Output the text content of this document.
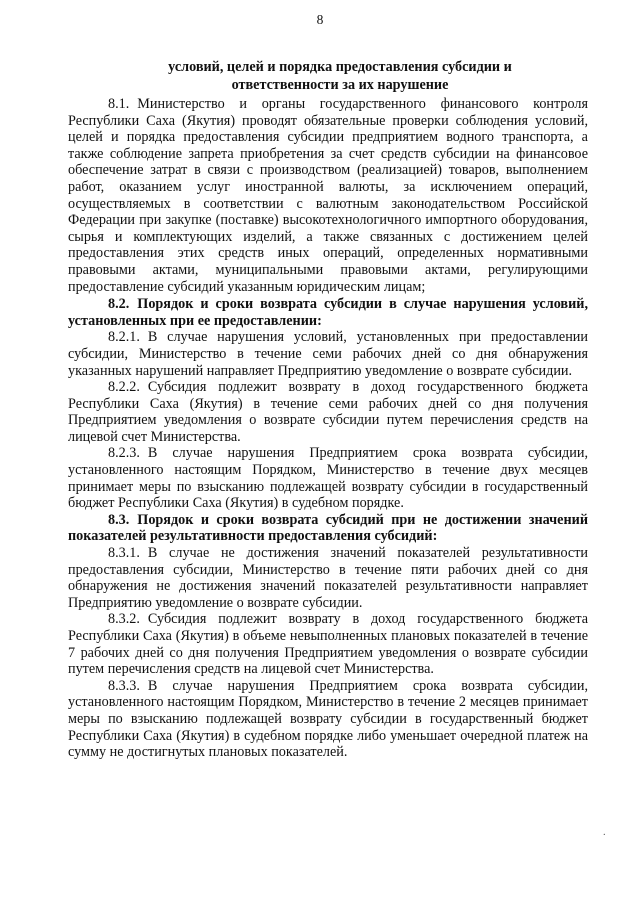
8
условий, целей и порядка предоставления субсидии и
ответственности за их нарушение

8.1. Министерство и органы государственного финансового контроля Республики Саха (Якутия) проводят обязательные проверки соблюдения условий, целей и порядка предоставления субсидии предприятием водного транспорта, а также соблюдение запрета приобретения за счет средств субсидии на финансовое обеспечение затрат в связи с производством (реализацией) товаров, выполнением работ, оказанием услуг иностранной валюты, за исключением операций, осуществляемых в соответствии с валютным законодательством Российской Федерации при закупке (поставке) высокотехнологичного импортного оборудования, сырья и комплектующих изделий, а также связанных с достижением целей предоставления этих средств иных операций, определенных нормативными правовыми актами, муниципальными правовыми актами, регулирующими предоставление субсидий указанным юридическим лицам;

8.2. Порядок и сроки возврата субсидии в случае нарушения условий, установленных при ее предоставлении:

8.2.1. В случае нарушения условий, установленных при предоставлении субсидии, Министерство в течение семи рабочих дней со дня обнаружения указанных нарушений направляет Предприятию уведомление о возврате субсидии.

8.2.2. Субсидия подлежит возврату в доход государственного бюджета Республики Саха (Якутия) в течение семи рабочих дней со дня получения Предприятием уведомления о возврате субсидии путем перечисления средств на лицевой счет Министерства.

8.2.3. В случае нарушения Предприятием срока возврата субсидии, установленного настоящим Порядком, Министерство в течение двух месяцев принимает меры по взысканию подлежащей возврату субсидии в государственный бюджет Республики Саха (Якутия) в судебном порядке.

8.3. Порядок и сроки возврата субсидий при не достижении значений показателей результативности предоставления субсидий:

8.3.1. В случае не достижения значений показателей результативности предоставления субсидии, Министерство в течение пяти рабочих дней со дня обнаружения не достижения значений показателей результативности направляет Предприятию уведомление о возврате субсидии.

8.3.2. Субсидия подлежит возврату в доход государственного бюджета Республики Саха (Якутия) в объеме невыполненных плановых показателей в течение 7 рабочих дней со дня получения Предприятием уведомления о возврате субсидии путем перечисления средств на лицевой счет Министерства.

8.3.3. В случае нарушения Предприятием срока возврата субсидии, установленного настоящим Порядком, Министерство в течение 2 месяцев принимает меры по взысканию подлежащей возврату субсидии в государственный бюджет Республики Саха (Якутия) в судебном порядке либо уменьшает очередной платеж на сумму не достигнутых плановых показателей.

·
